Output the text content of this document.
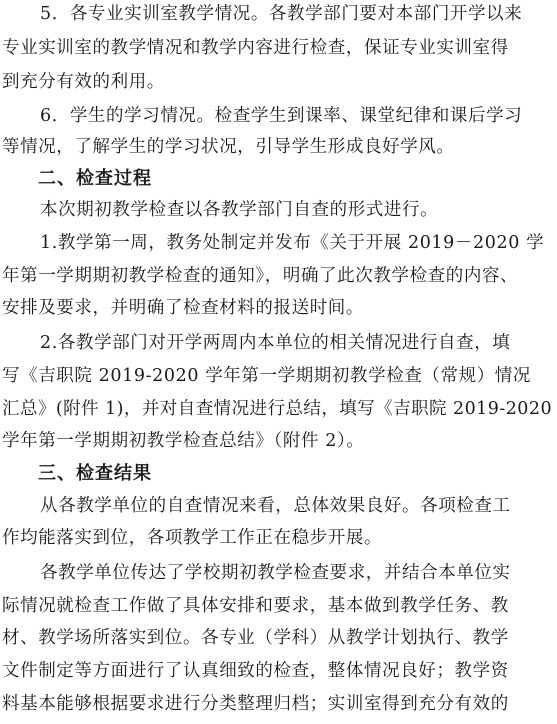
5．各专业实训室教学情况。各教学部门要对本部门开学以来
专业实训室的教学情况和教学内容进行检查，保证专业实训室得
到充分有效的利用。
6．学生的学习情况。检查学生到课率、课堂纪律和课后学习
等情况，了解学生的学习状况，引导学生形成良好学风。
二、检查过程
本次期初教学检查以各教学部门自查的形式进行。
1.教学第一周，教务处制定并发布《关于开展 2019－2020 学
年第一学期期初教学检查的通知》，明确了此次教学检查的内容、
安排及要求，并明确了检查材料的报送时间。
2.各教学部门对开学两周内本单位的相关情况进行自查，填
写《吉职院 2019-2020 学年第一学期期初教学检查（常规）情况
汇总》(附件 1)，并对自查情况进行总结，填写《吉职院 2019-2020
学年第一学期期初教学检查总结》（附件 2）。
三、检查结果
从各教学单位的自查情况来看，总体效果良好。各项检查工
作均能落实到位，各项教学工作正在稳步开展。
各教学单位传达了学校期初教学检查要求，并结合本单位实
际情况就检查工作做了具体安排和要求，基本做到教学任务、教
材、教学场所落实到位。各专业（学科）从教学计划执行、教学
文件制定等方面进行了认真细致的检查，整体情况良好；教学资
料基本能够根据要求进行分类整理归档；实训室得到充分有效的
